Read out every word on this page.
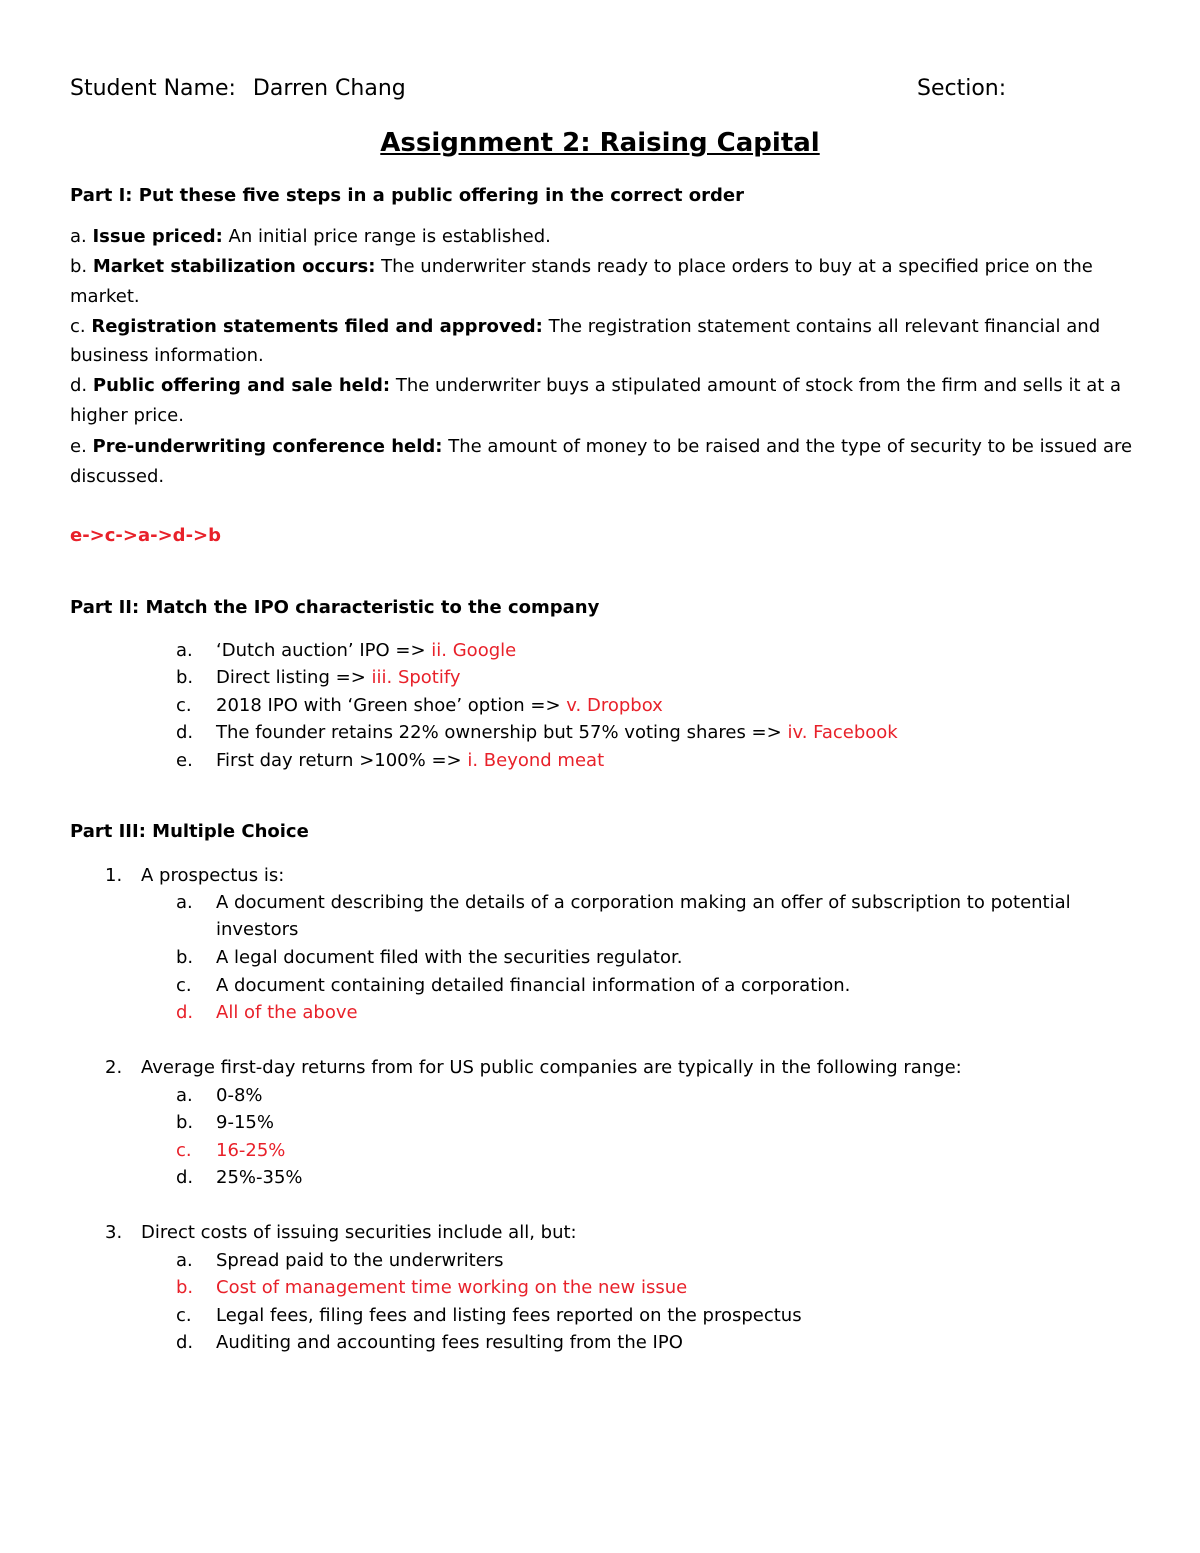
Student Name: Darren Chang	Section:
Assignment 2: Raising Capital
Part I: Put these five steps in a public offering in the correct order
a. Issue priced: An initial price range is established.
b. Market stabilization occurs: The underwriter stands ready to place orders to buy at a specified price on the
market.
c. Registration statements filed and approved: The registration statement contains all relevant financial and
business information.
d. Public offering and sale held: The underwriter buys a stipulated amount of stock from the firm and sells it at a
higher price.
e. Pre-underwriting conference held: The amount of money to be raised and the type of security to be issued are
discussed.
e->c->a->d->b
Part II: Match the IPO characteristic to the company
a. ‘Dutch auction’ IPO => ii. Google
b. Direct listing => iii. Spotify
c. 2018 IPO with ‘Green shoe’ option => v. Dropbox
d. The founder retains 22% ownership but 57% voting shares => iv. Facebook
e. First day return >100% => i. Beyond meat
Part III: Multiple Choice
1. A prospectus is:
a. A document describing the details of a corporation making an offer of subscription to potential
investors
b. A legal document filed with the securities regulator.
c. A document containing detailed financial information of a corporation.
d. All of the above
2. Average first-day returns from for US public companies are typically in the following range:
a. 0-8%
b. 9-15%
c. 16-25%
d. 25%-35%
3. Direct costs of issuing securities include all, but:
a. Spread paid to the underwriters
b. Cost of management time working on the new issue
c. Legal fees, filing fees and listing fees reported on the prospectus
d. Auditing and accounting fees resulting from the IPO
